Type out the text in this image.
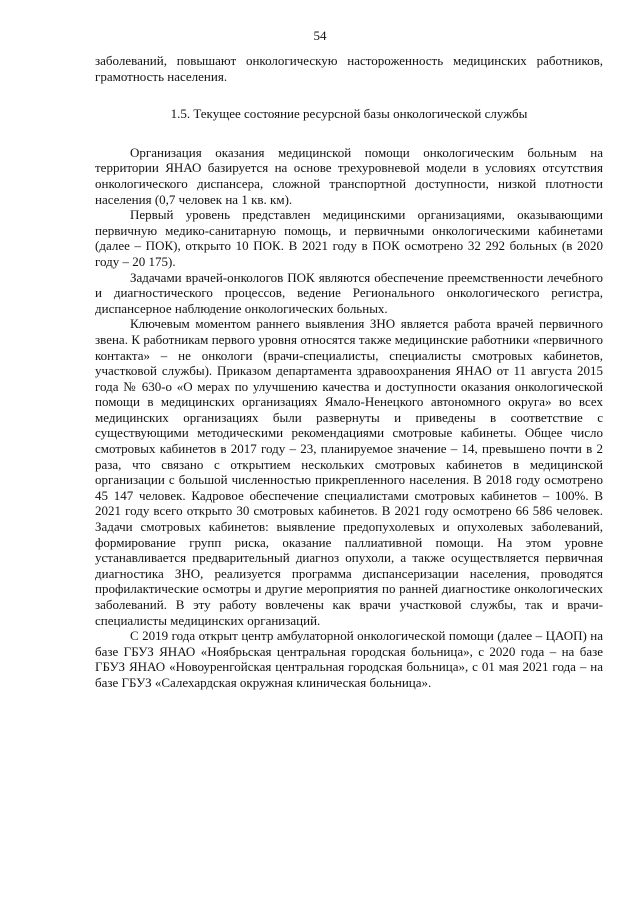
54

заболеваний, повышают онкологическую настороженность медицинских работников, грамотность населения.

1.5. Текущее состояние ресурсной базы онкологической службы

Организация оказания медицинской помощи онкологическим больным на территории ЯНАО базируется на основе трехуровневой модели в условиях отсутствия онкологического диспансера, сложной транспортной доступности, низкой плотности населения (0,7 человек на 1 кв. км).

Первый уровень представлен медицинскими организациями, оказывающими первичную медико-санитарную помощь, и первичными онкологическими кабинетами (далее – ПОК), открыто 10 ПОК. В 2021 году в ПОК осмотрено 32 292 больных (в 2020 году – 20 175).

Задачами врачей-онкологов ПОК являются обеспечение преемственности лечебного и диагностического процессов, ведение Регионального онкологического регистра, диспансерное наблюдение онкологических больных.

Ключевым моментом раннего выявления ЗНО является работа врачей первичного звена. К работникам первого уровня относятся также медицинские работники «первичного контакта» – не онкологи (врачи-специалисты, специалисты смотровых кабинетов, участковой службы). Приказом департамента здравоохранения ЯНАО от 11 августа 2015 года № 630-о «О мерах по улучшению качества и доступности оказания онкологической помощи в медицинских организациях Ямало-Ненецкого автономного округа» во всех медицинских организациях были развернуты и приведены в соответствие с существующими методическими рекомендациями смотровые кабинеты. Общее число смотровых кабинетов в 2017 году – 23, планируемое значение – 14, превышено почти в 2 раза, что связано с открытием нескольких смотровых кабинетов в медицинской организации с большой численностью прикрепленного населения. В 2018 году осмотрено 45 147 человек. Кадровое обеспечение специалистами смотровых кабинетов – 100%. В 2021 году всего открыто 30 смотровых кабинетов. В 2021 году осмотрено 66 586 человек. Задачи смотровых кабинетов: выявление предопухолевых и опухолевых заболеваний, формирование групп риска, оказание паллиативной помощи. На этом уровне устанавливается предварительный диагноз опухоли, а также осуществляется первичная диагностика ЗНО, реализуется программа диспансеризации населения, проводятся профилактические осмотры и другие мероприятия по ранней диагностике онкологических заболеваний. В эту работу вовлечены как врачи участковой службы, так и врачи-специалисты медицинских организаций.

С 2019 года открыт центр амбулаторной онкологической помощи (далее – ЦАОП) на базе ГБУЗ ЯНАО «Ноябрьская центральная городская больница», с 2020 года – на базе ГБУЗ ЯНАО «Новоуренгойская центральная городская больница», с 01 мая 2021 года – на базе ГБУЗ «Салехардская окружная клиническая больница».
